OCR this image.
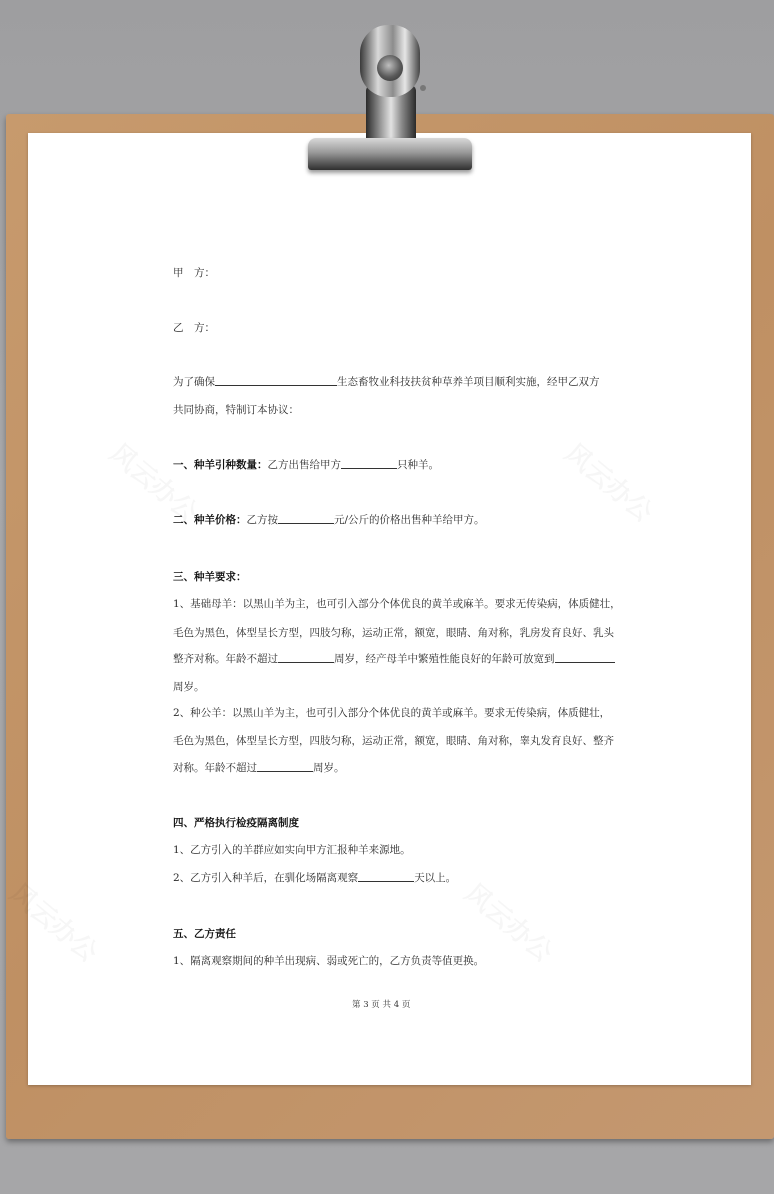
甲　方：
乙　方：
为了确保	生态畜牧业科技扶贫种草养羊项目顺利实施，经甲乙双方
共同协商，特制订本协议：
一、种羊引种数量：乙方出售给甲方	只种羊。
二、种羊价格：乙方按	元/公斤的价格出售种羊给甲方。
三、种羊要求：
1、基础母羊：以黑山羊为主，也可引入部分个体优良的黄羊或麻羊。要求无传染病，体质健壮，
毛色为黑色，体型呈长方型，四肢匀称，运动正常，额宽，眼睛、角对称，乳房发育良好、乳头
整齐对称。年龄不超过	周岁，经产母羊中繁殖性能良好的年龄可放宽到
周岁。
2、种公羊：以黑山羊为主，也可引入部分个体优良的黄羊或麻羊。要求无传染病，体质健壮，
毛色为黑色，体型呈长方型，四肢匀称，运动正常，额宽，眼睛、角对称，睾丸发育良好、整齐
对称。年龄不超过	周岁。
四、严格执行检疫隔离制度
1、乙方引入的羊群应如实向甲方汇报种羊来源地。
2、乙方引入种羊后，在驯化场隔离观察	天以上。
五、乙方责任
1、隔离观察期间的种羊出现病、弱或死亡的，乙方负责等值更换。
第 3 页 共 4 页
